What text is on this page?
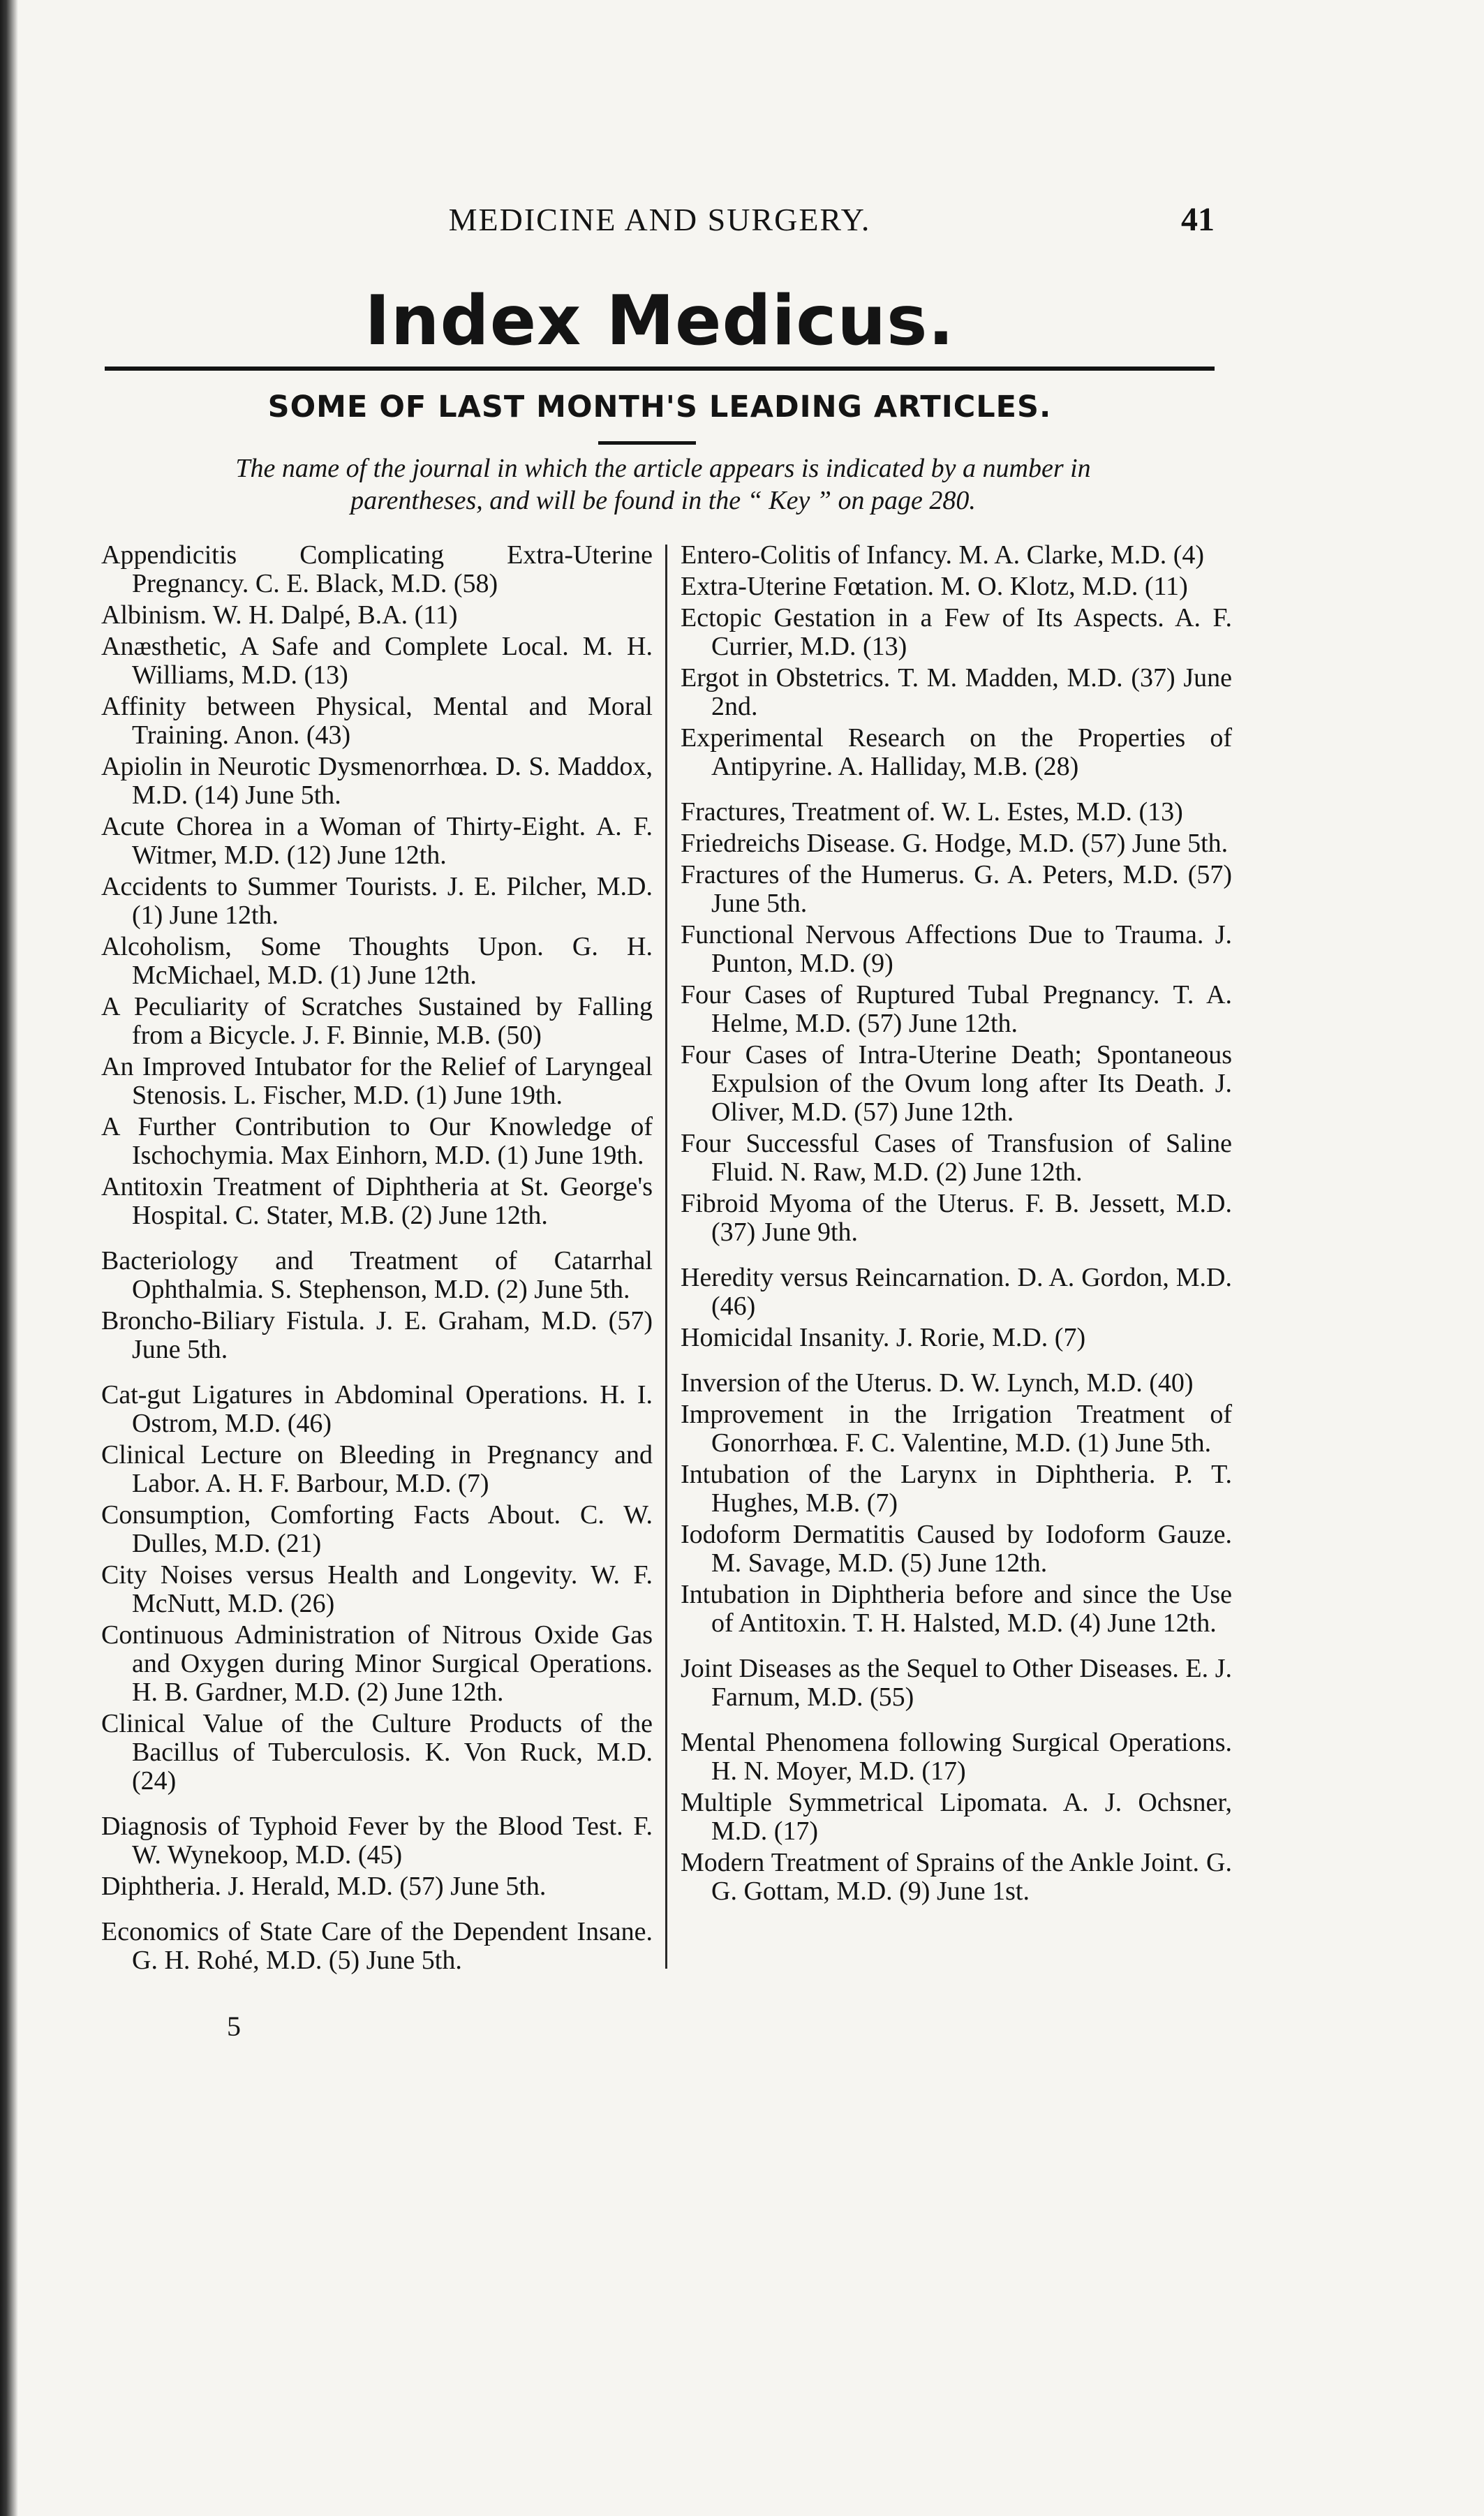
MEDICINE AND SURGERY.	41
Index Medicus.
SOME OF LAST MONTH'S LEADING ARTICLES.
The name of the journal in which the article appears is indicated by a number in
parentheses, and will be found in the “ Key ” on page 280.

Appendicitis Complicating Extra-Uterine Pregnancy. C. E. Black, M.D. (58)

Albinism. W. H. Dalpé, B.A. (11)

Anæsthetic, A Safe and Complete Local. M. H. Williams, M.D. (13)

Affinity between Physical, Mental and Moral Training. Anon. (43)

Apiolin in Neurotic Dysmenorrhœa. D. S. Maddox, M.D. (14) June 5th.

Acute Chorea in a Woman of Thirty-Eight. A. F. Witmer, M.D. (12) June 12th.

Accidents to Summer Tourists. J. E. Pilcher, M.D. (1) June 12th.

Alcoholism, Some Thoughts Upon. G. H. McMichael, M.D. (1) June 12th.

A Peculiarity of Scratches Sustained by Falling from a Bicycle. J. F. Binnie, M.B. (50)

An Improved Intubator for the Relief of Laryngeal Stenosis. L. Fischer, M.D. (1) June 19th.

A Further Contribution to Our Knowledge of Ischochymia. Max Einhorn, M.D. (1) June 19th.

Antitoxin Treatment of Diphtheria at St. George's Hospital. C. Stater, M.B. (2) June 12th.

Bacteriology and Treatment of Catarrhal Ophthalmia. S. Stephenson, M.D. (2) June 5th.

Broncho-Biliary Fistula. J. E. Graham, M.D. (57) June 5th.

Cat-gut Ligatures in Abdominal Operations. H. I. Ostrom, M.D. (46)

Clinical Lecture on Bleeding in Pregnancy and Labor. A. H. F. Barbour, M.D. (7)

Consumption, Comforting Facts About. C. W. Dulles, M.D. (21)

City Noises versus Health and Longevity. W. F. McNutt, M.D. (26)

Continuous Administration of Nitrous Oxide Gas and Oxygen during Minor Surgical Operations. H. B. Gardner, M.D. (2) June 12th.

Clinical Value of the Culture Products of the Bacillus of Tuberculosis. K. Von Ruck, M.D. (24)

Diagnosis of Typhoid Fever by the Blood Test. F. W. Wynekoop, M.D. (45)

Diphtheria. J. Herald, M.D. (57) June 5th.

Economics of State Care of the Dependent Insane. G. H. Rohé, M.D. (5) June 5th.

Entero-Colitis of Infancy. M. A. Clarke, M.D. (4)

Extra-Uterine Fœtation. M. O. Klotz, M.D. (11)

Ectopic Gestation in a Few of Its Aspects. A. F. Currier, M.D. (13)

Ergot in Obstetrics. T. M. Madden, M.D. (37) June 2nd.

Experimental Research on the Properties of Antipyrine. A. Halliday, M.B. (28)

Fractures, Treatment of. W. L. Estes, M.D. (13)

Friedreichs Disease. G. Hodge, M.D. (57) June 5th.

Fractures of the Humerus. G. A. Peters, M.D. (57) June 5th.

Functional Nervous Affections Due to Trauma. J. Punton, M.D. (9)

Four Cases of Ruptured Tubal Pregnancy. T. A. Helme, M.D. (57) June 12th.

Four Cases of Intra-Uterine Death; Spontaneous Expulsion of the Ovum long after Its Death. J. Oliver, M.D. (57) June 12th.

Four Successful Cases of Transfusion of Saline Fluid. N. Raw, M.D. (2) June 12th.

Fibroid Myoma of the Uterus. F. B. Jessett, M.D. (37) June 9th.

Heredity versus Reincarnation. D. A. Gordon, M.D. (46)

Homicidal Insanity. J. Rorie, M.D. (7)

Inversion of the Uterus. D. W. Lynch, M.D. (40)

Improvement in the Irrigation Treatment of Gonorrhœa. F. C. Valentine, M.D. (1) June 5th.

Intubation of the Larynx in Diphtheria. P. T. Hughes, M.B. (7)

Iodoform Dermatitis Caused by Iodoform Gauze. M. Savage, M.D. (5) June 12th.

Intubation in Diphtheria before and since the Use of Antitoxin. T. H. Halsted, M.D. (4) June 12th.

Joint Diseases as the Sequel to Other Diseases. E. J. Farnum, M.D. (55)

Mental Phenomena following Surgical Operations. H. N. Moyer, M.D. (17)

Multiple Symmetrical Lipomata. A. J. Ochsner, M.D. (17)

Modern Treatment of Sprains of the Ankle Joint. G. G. Gottam, M.D. (9) June 1st.

5
